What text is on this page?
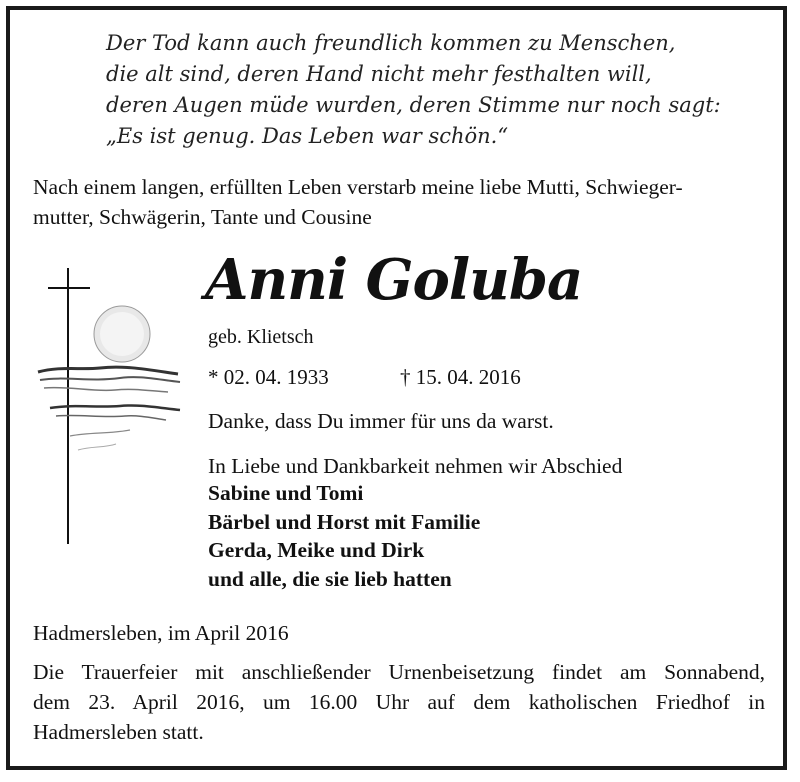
Der Tod kann auch freundlich kommen zu Menschen,
die alt sind, deren Hand nicht mehr festhalten will,
deren Augen müde wurden, deren Stimme nur noch sagt:
„Es ist genug. Das Leben war schön.“
Nach einem langen, erfüllten Leben verstarb meine liebe Mutti, Schwieger-
mutter, Schwägerin, Tante und Cousine
Anni Goluba
geb. Klietsch
* 02. 04. 1933	† 15. 04. 2016
Danke, dass Du immer für uns da warst.
In Liebe und Dankbarkeit nehmen wir Abschied
Sabine und Tomi
Bärbel und Horst mit Familie
Gerda, Meike und Dirk
und alle, die sie lieb hatten
Hadmersleben, im April 2016
Die Trauerfeier mit anschließender Urnenbeisetzung findet am Sonnabend,
dem 23. April 2016, um 16.00 Uhr auf dem katholischen Friedhof in
Hadmersleben statt.
